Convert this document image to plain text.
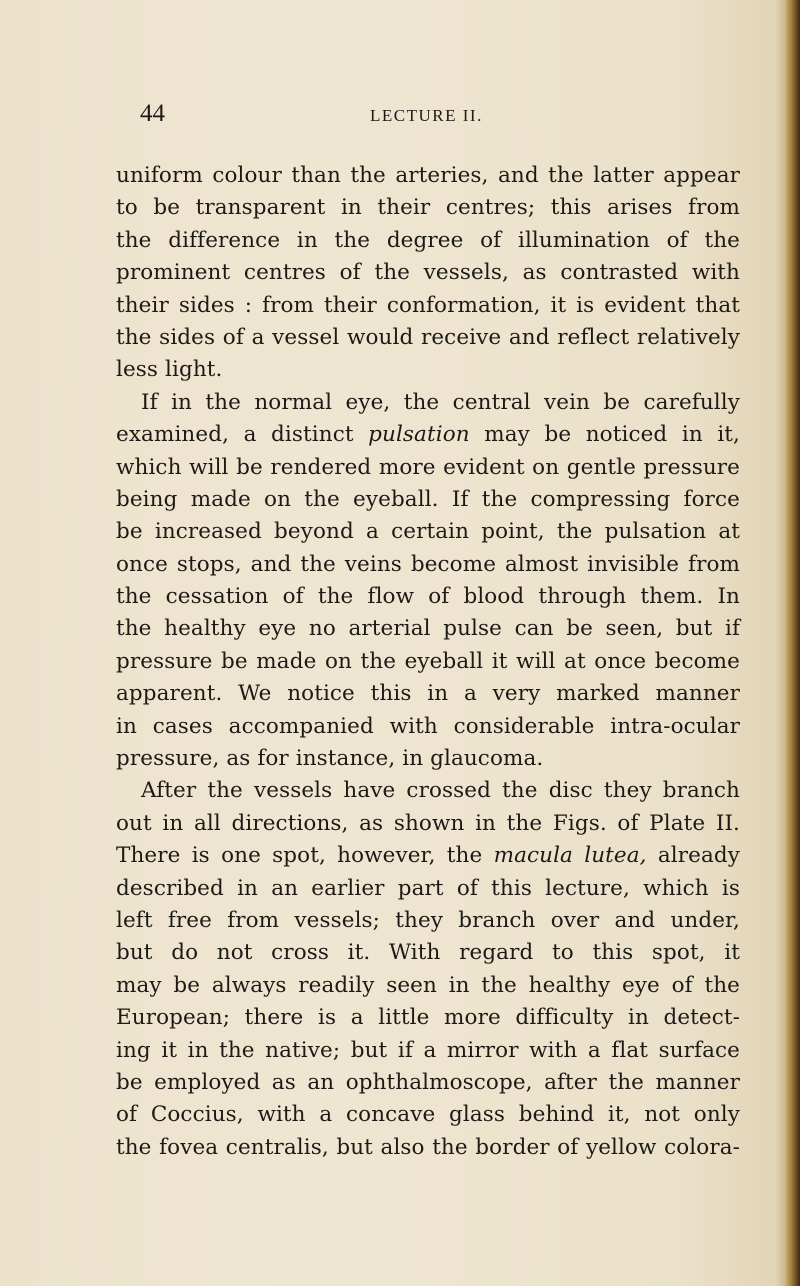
44	LECTURE II.
uniform colour than the arteries, and the latter appear
to be transparent in their centres; this arises from
the difference in the degree of illumination of the
prominent centres of the vessels, as contrasted with
their sides : from their conformation, it is evident that
the sides of a vessel would receive and reflect relatively
less light.
If in the normal eye, the central vein be carefully
examined, a distinct pulsation may be noticed in it,
which will be rendered more evident on gentle pressure
being made on the eyeball. If the compressing force
be increased beyond a certain point, the pulsation at
once stops, and the veins become almost invisible from
the cessation of the flow of blood through them. In
the healthy eye no arterial pulse can be seen, but if
pressure be made on the eyeball it will at once become
apparent. We notice this in a very marked manner
in cases accompanied with considerable intra-ocular
pressure, as for instance, in glaucoma.
After the vessels have crossed the disc they branch
out in all directions, as shown in the Figs. of Plate II.
There is one spot, however, the macula lutea, already
described in an earlier part of this lecture, which is
left free from vessels; they branch over and under,
but do not cross it. With regard to this spot, it
may be always readily seen in the healthy eye of the
European; there is a little more difficulty in detect-
ing it in the native; but if a mirror with a flat surface
be employed as an ophthalmoscope, after the manner
of Coccius, with a concave glass behind it, not only
the fovea centralis, but also the border of yellow colora-
